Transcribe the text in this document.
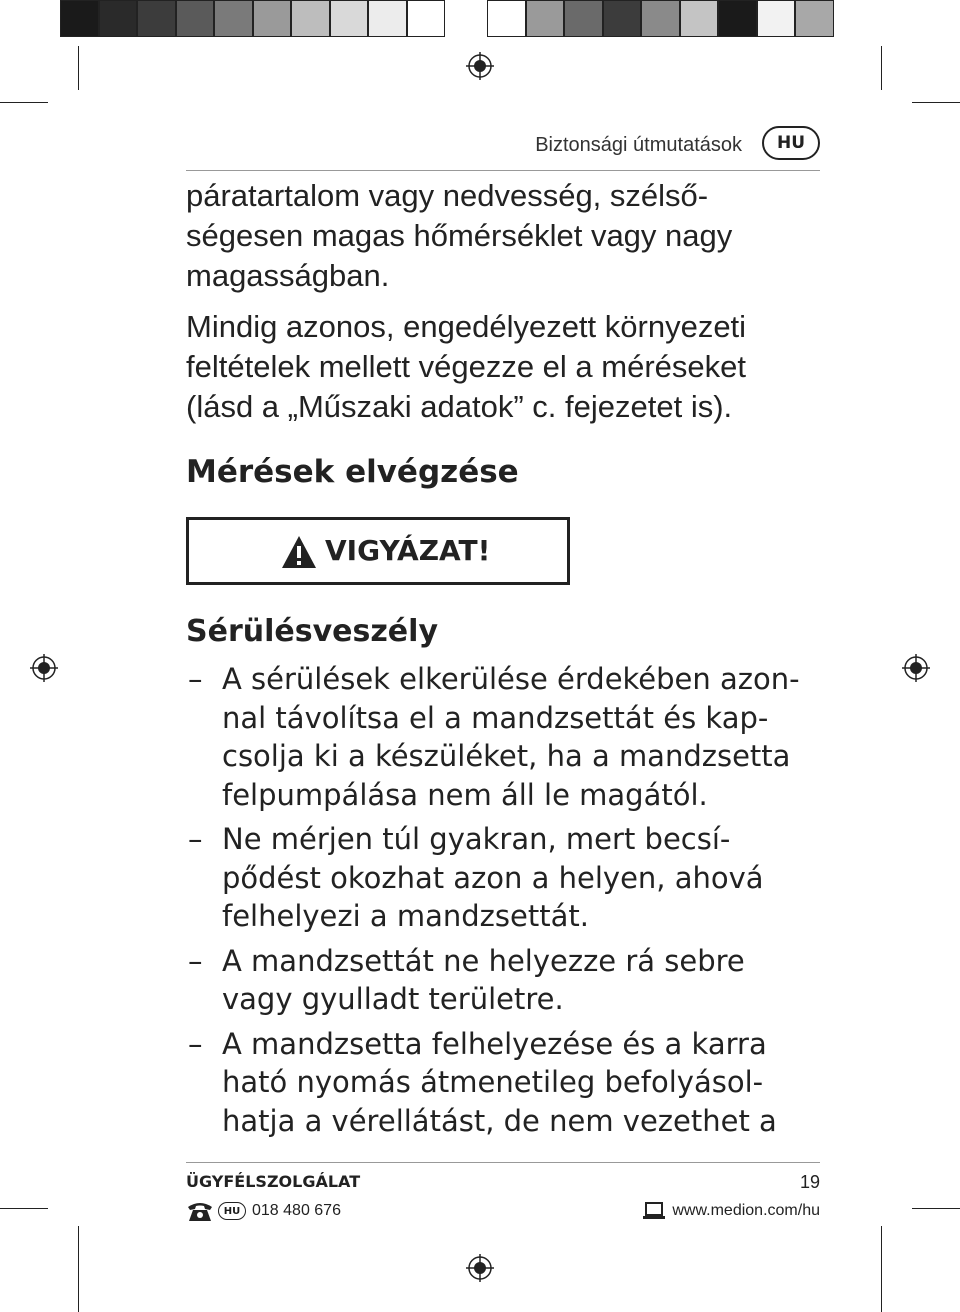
Biztonsági útmutatások	HU

páratartalom vagy nedvesség, szélső-

ségesen magas hőmérséklet vagy nagy

magasságban.

Mindig azonos, engedélyezett környezeti

feltételek mellett végezze el a méréseket

(lásd a „Műszaki adatok” c. fejezetet is).

Mérések elvégzése
VIGYÁZAT!
Sérülésveszély
– A sérülések elkerülése érdekében azon-
nal távolítsa el a mandzsettát és kap-
csolja ki a készüléket, ha a mandzsetta
felpumpálása nem áll le magától.
– Ne mérjen túl gyakran, mert becsí-
pődést okozhat azon a helyen, ahová
felhelyezi a mandzsettát.
– A mandzsettát ne helyezze rá sebre
vagy gyulladt területre.
– A mandzsetta felhelyezése és a karra
ható nyomás átmenetileg befolyásol-
hatja a vérellátást, de nem vezethet a
ÜGYFÉLSZOLGÁLAT	19
HU 018 480 676	www.medion.com/hu
